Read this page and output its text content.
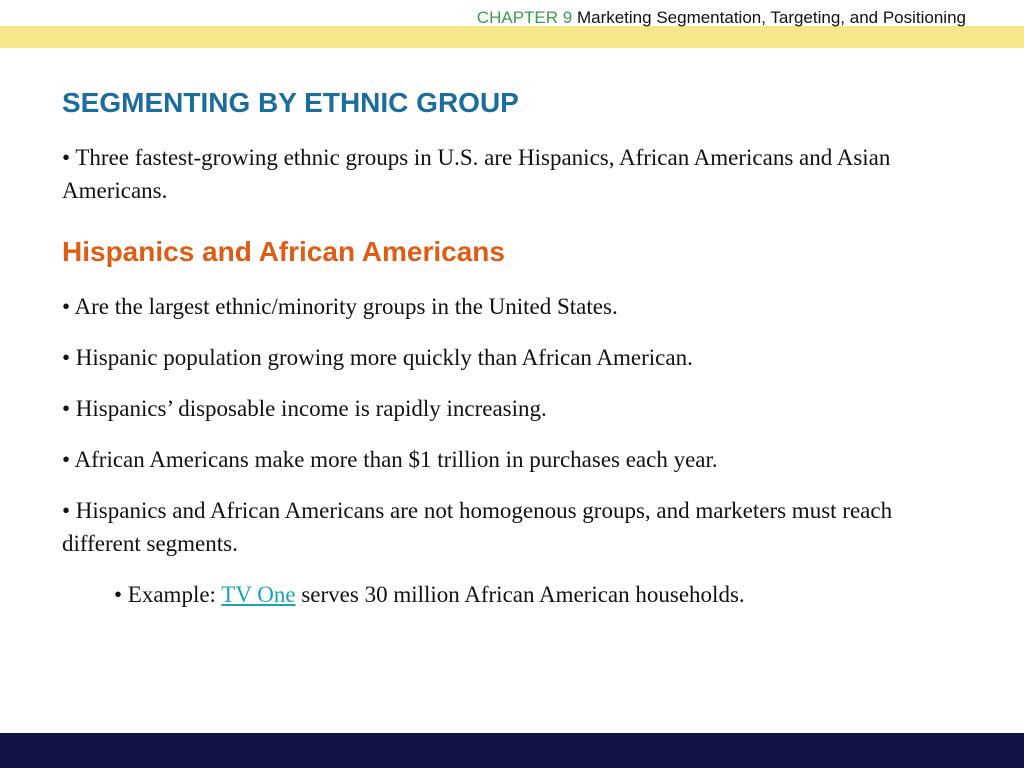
CHAPTER 9 Marketing Segmentation, Targeting, and Positioning
SEGMENTING BY ETHNIC GROUP

• Three fastest-growing ethnic groups in U.S. are Hispanics, African Americans and Asian Americans.

Hispanics and African Americans

• Are the largest ethnic/minority groups in the United States.

• Hispanic population growing more quickly than African American.

• Hispanics’ disposable income is rapidly increasing.

• African Americans make more than $1 trillion in purchases each year.

• Hispanics and African Americans are not homogenous groups, and marketers must reach different segments.

• Example: TV One serves 30 million African American households.
